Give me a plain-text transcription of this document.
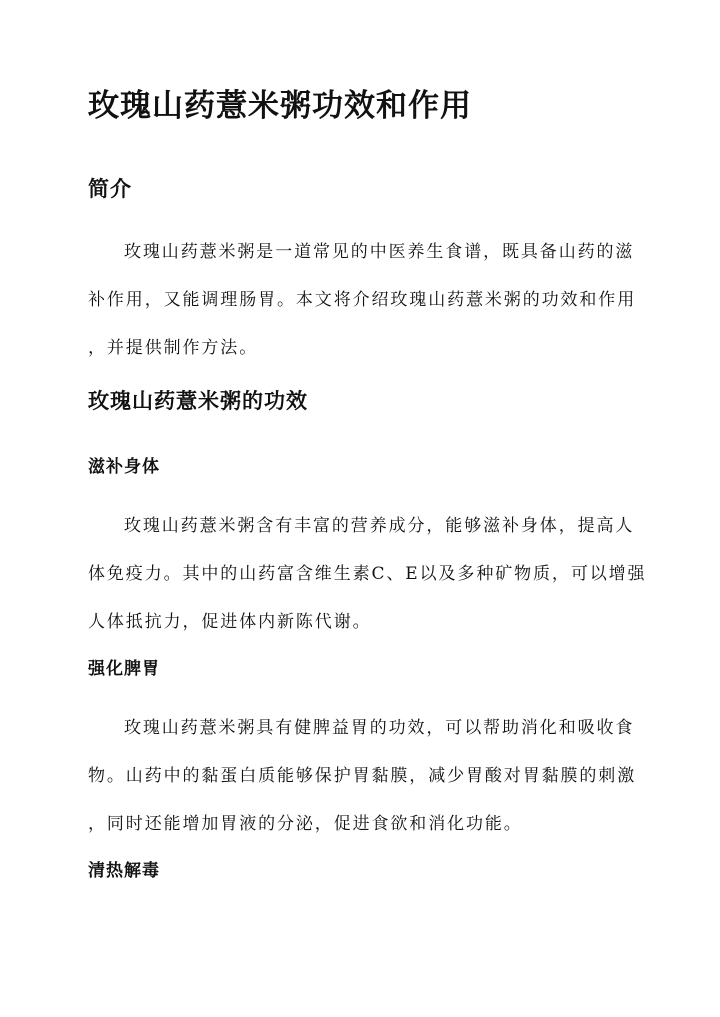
玫瑰山药薏米粥功效和作用
简介
玫瑰山药薏米粥是一道常见的中医养生食谱，既具备山药的滋
补作用，又能调理肠胃。本文将介绍玫瑰山药薏米粥的功效和作用
，并提供制作方法。
玫瑰山药薏米粥的功效
滋补身体
玫瑰山药薏米粥含有丰富的营养成分，能够滋补身体，提高人
体免疫力。其中的山药富含维生素C、E以及多种矿物质，可以增强
人体抵抗力，促进体内新陈代谢。
强化脾胃
玫瑰山药薏米粥具有健脾益胃的功效，可以帮助消化和吸收食
物。山药中的黏蛋白质能够保护胃黏膜，减少胃酸对胃黏膜的刺激
，同时还能增加胃液的分泌，促进食欲和消化功能。
清热解毒
